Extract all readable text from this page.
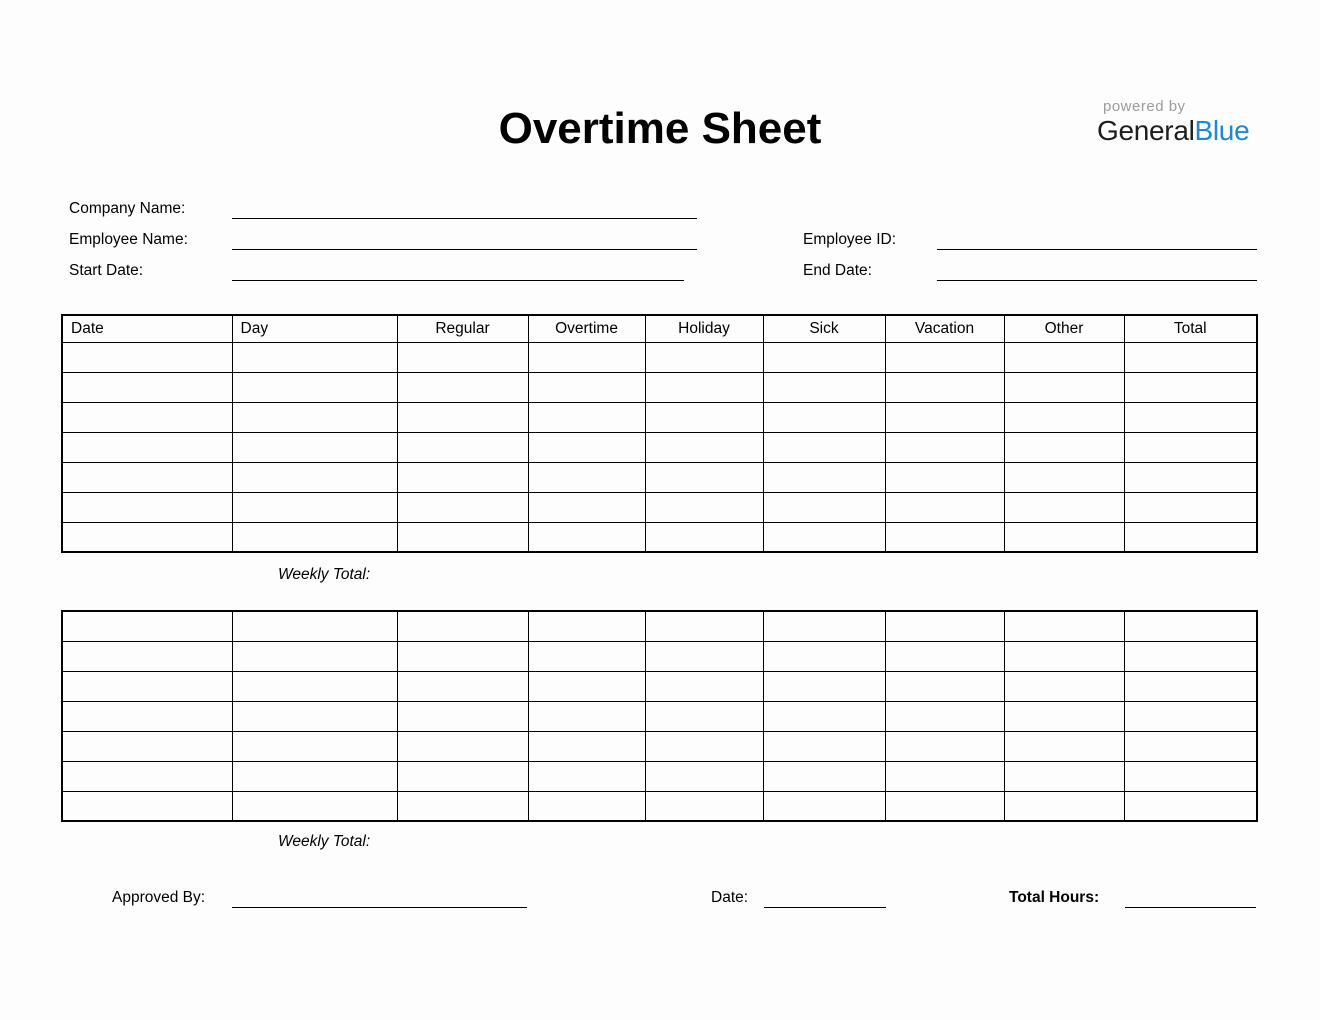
Overtime Sheet	powered by
GeneralBlue
Company Name:
Employee Name:
Start Date:
Employee ID:
End Date:
Date	Day	Regular	Overtime	Holiday	Sick	Vacation	Other	Total

Weekly Total:

Weekly Total:
Approved By:	Date:	Total Hours:
